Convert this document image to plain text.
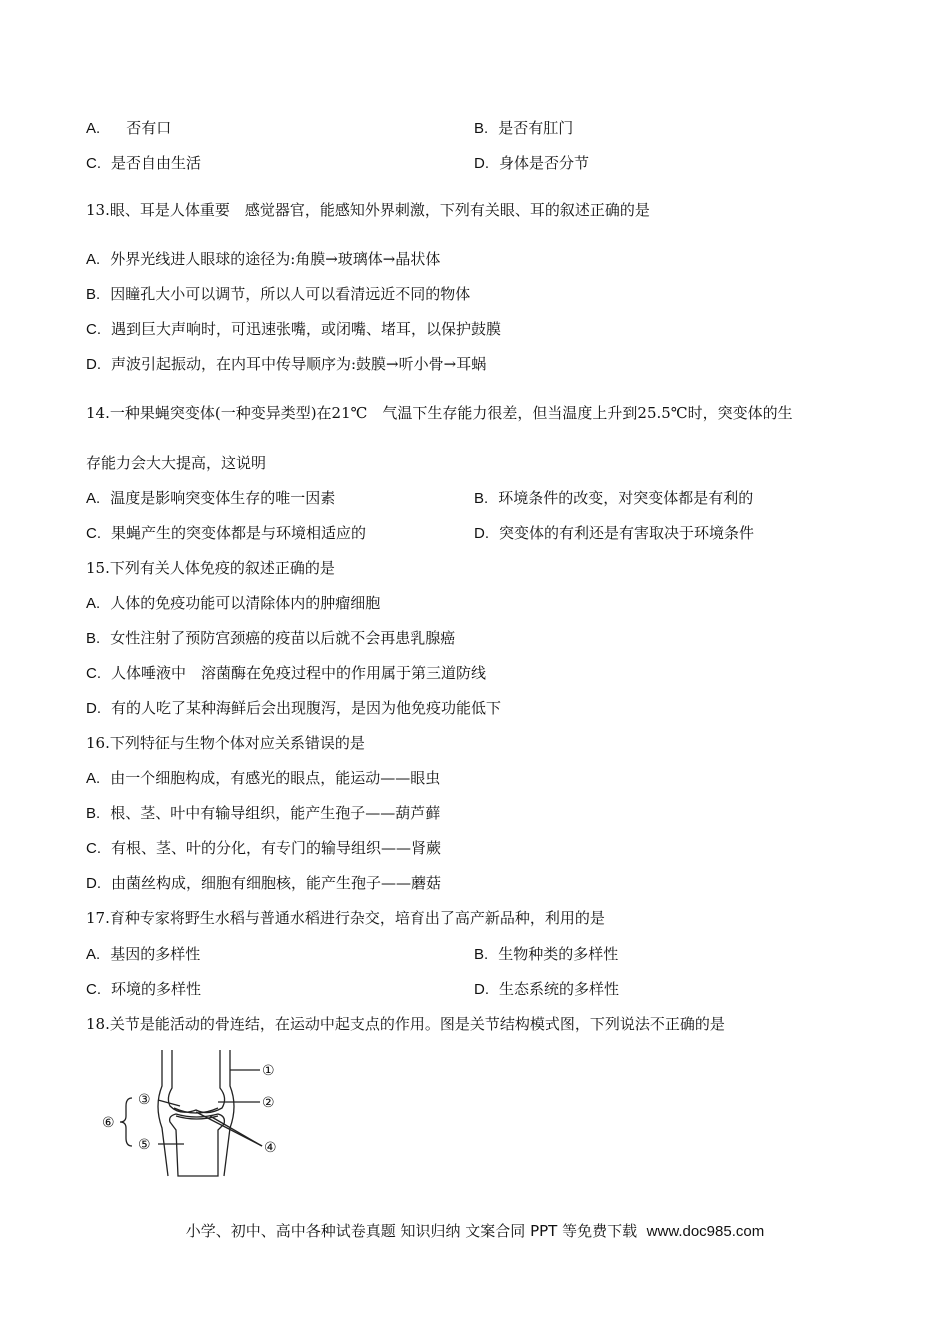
A. 否有口	B. 是否有肛门
C. 是否自由生活	D. 身体是否分节
13.眼、耳是人体重要　感觉器官，能感知外界刺激，下列有关眼、耳的叙述正确的是
A. 外界光线进人眼球的途径为:角膜→玻璃体→晶状体
B. 因瞳孔大小可以调节，所以人可以看清远近不同的物体
C. 遇到巨大声响时，可迅速张嘴，或闭嘴、堵耳，以保护鼓膜
D. 声波引起振动，在内耳中传导顺序为:鼓膜→听小骨→耳蜗
14.一种果蝇突变体(一种变异类型)在21℃　气温下生存能力很差，但当温度上升到25.5℃时，突变体的生
存能力会大大提高，这说明
A. 温度是影响突变体生存的唯一因素	B. 环境条件的改变，对突变体都是有利的
C. 果蝇产生的突变体都是与环境相适应的	D. 突变体的有利还是有害取决于环境条件
15.下列有关人体免疫的叙述正确的是
A. 人体的免疫功能可以清除体内的肿瘤细胞
B. 女性注射了预防宫颈癌的疫苗以后就不会再患乳腺癌
C. 人体唾液中　溶菌酶在免疫过程中的作用属于第三道防线
D. 有的人吃了某种海鲜后会出现腹泻，是因为他免疫功能低下
16.下列特征与生物个体对应关系错误的是
A. 由一个细胞构成，有感光的眼点，能运动——眼虫
B. 根、茎、叶中有输导组织，能产生孢子——葫芦藓
C. 有根、茎、叶的分化，有专门的输导组织——肾蕨
D. 由菌丝构成，细胞有细胞核，能产生孢子——蘑菇
17.育种专家将野生水稻与普通水稻进行杂交，培育出了高产新品种，利用的是
A. 基因的多样性	B. 生物种类的多样性
C. 环境的多样性	D. 生态系统的多样性
18.关节是能活动的骨连结，在运动中起支点的作用。图是关节结构模式图，下列说法不正确的是
①
②
③
④
⑤
⑥
小学、初中、高中各种试卷真题 知识归纳 文案合同 PPT 等免费下载 www.doc985.com
